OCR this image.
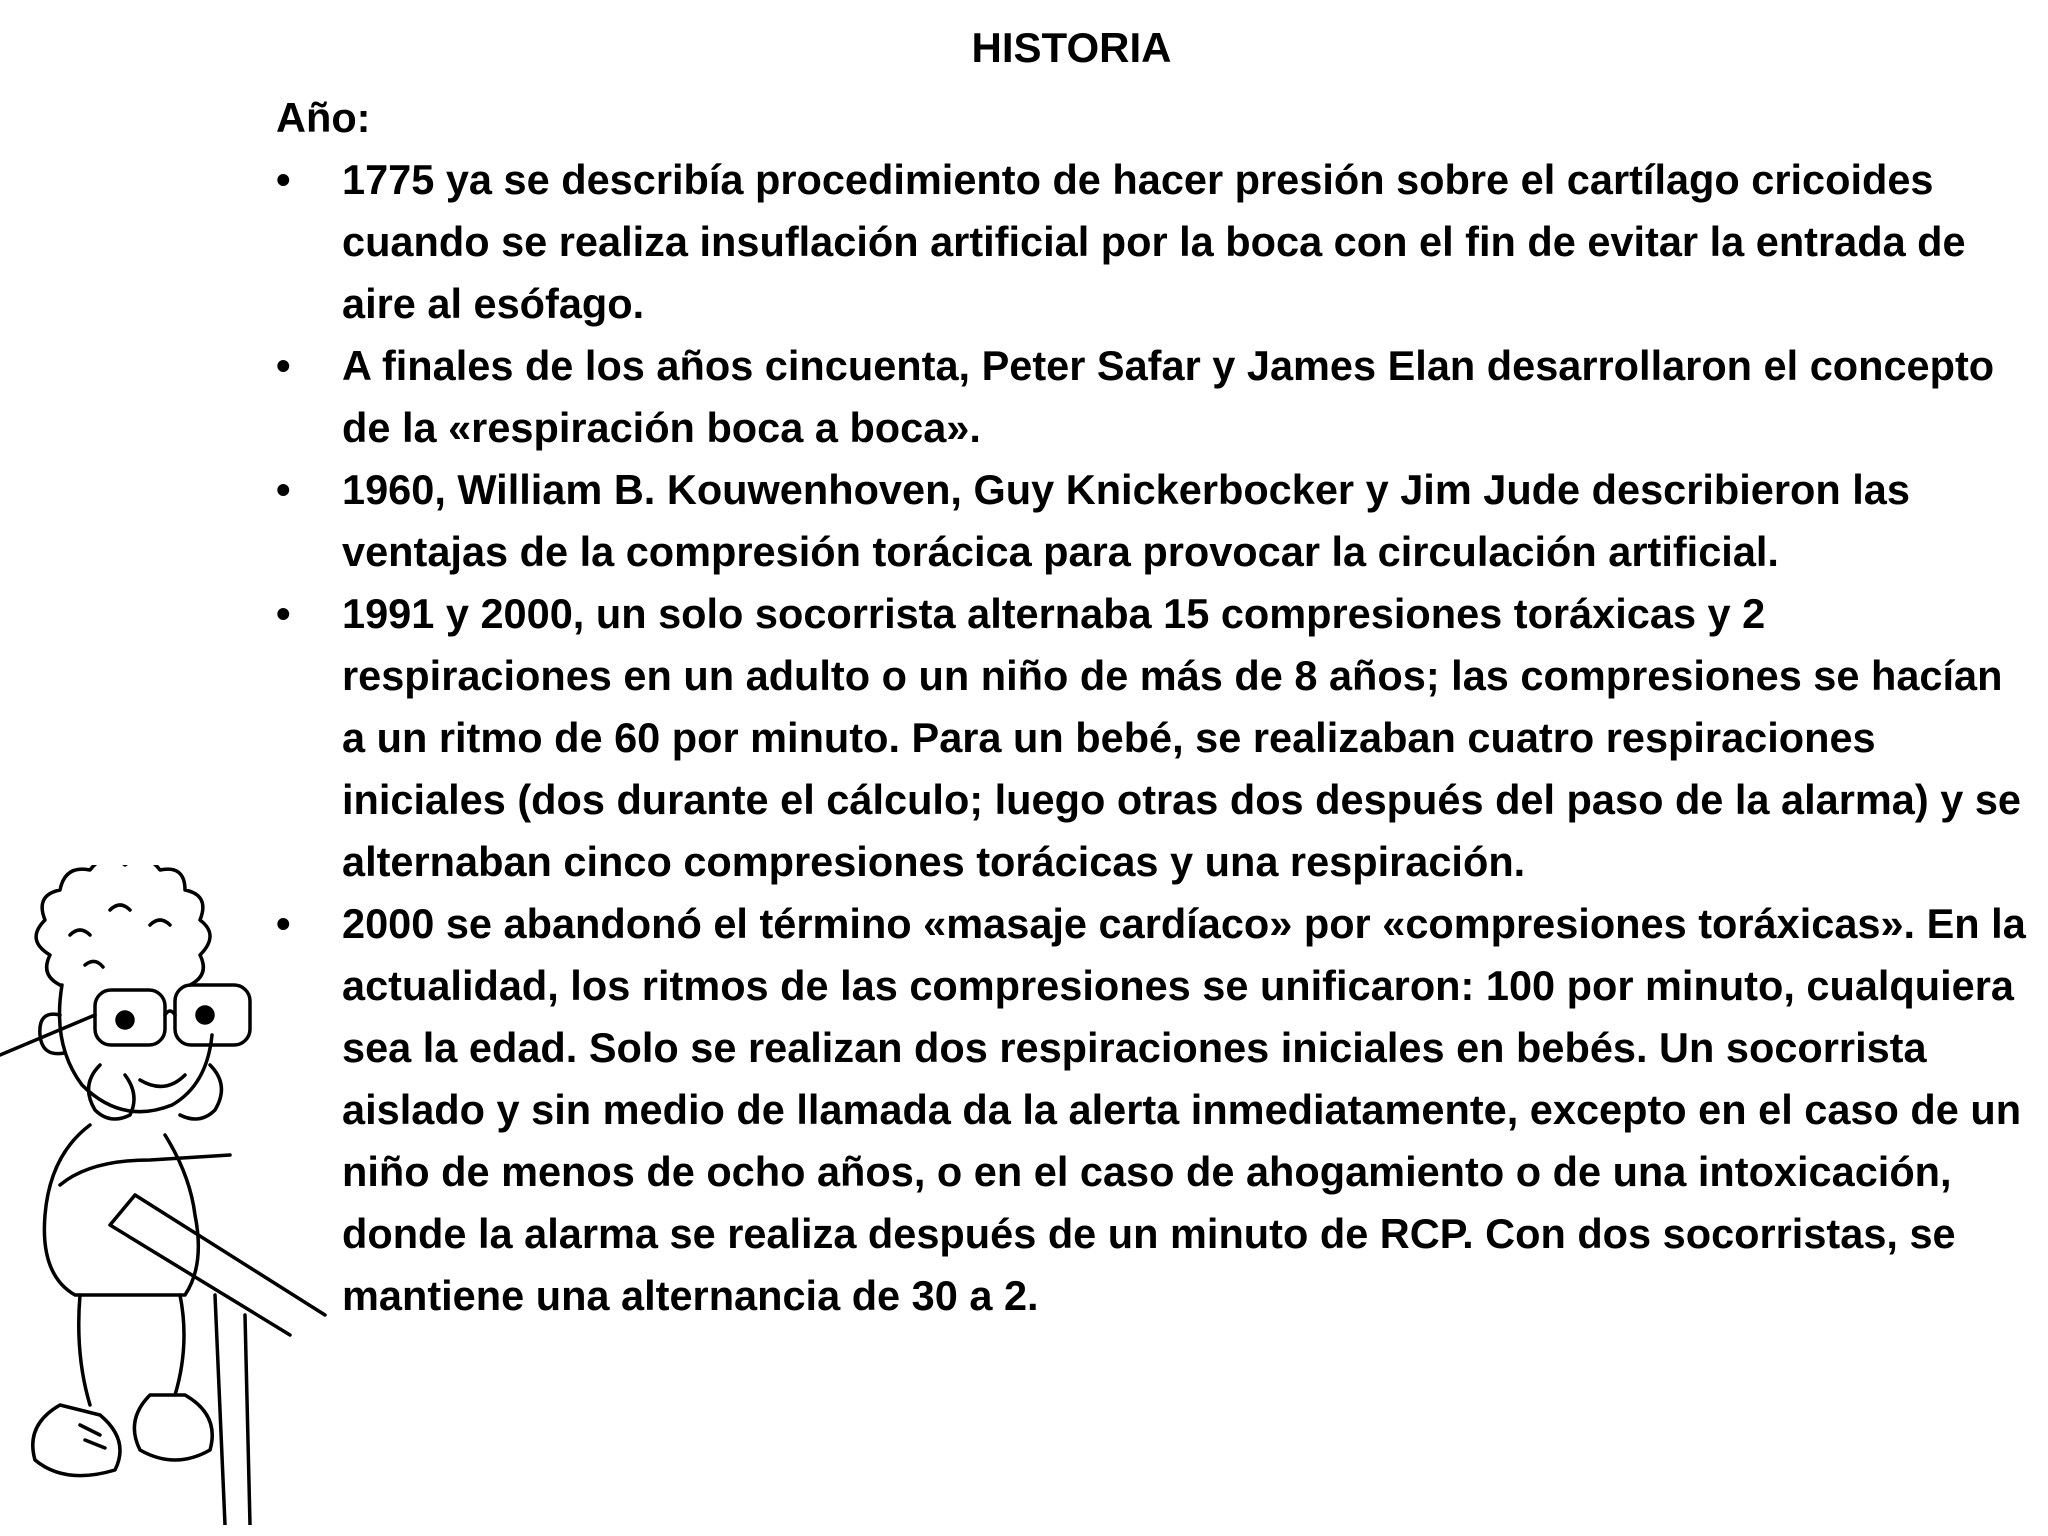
HISTORIA

Año:

•	1775 ya se describía procedimiento de hacer presión sobre el cartílago cricoides cuando se realiza insuflación artificial por la boca con el fin de evitar la entrada de aire al esófago.
•	A finales de los años cincuenta, Peter Safar y James Elan desarrollaron el concepto de la «respiración boca a boca».
•	1960, William B. Kouwenhoven, Guy Knickerbocker y Jim Jude describieron las ventajas de la compresión torácica para provocar la circulación artificial.
•	1991 y 2000, un solo socorrista alternaba 15 compresiones toráxicas y 2 respiraciones en un adulto o un niño de más de 8 años; las compresiones se hacían a un ritmo de 60 por minuto. Para un bebé, se realizaban cuatro respiraciones iniciales (dos durante el cálculo; luego otras dos después del paso de la alarma) y se alternaban cinco compresiones torácicas y una respiración.
•	2000 se abandonó el término «masaje cardíaco» por «compresiones toráxicas». En la actualidad, los ritmos de las compresiones se unificaron: 100 por minuto, cualquiera sea la edad. Solo se realizan dos respiraciones iniciales en bebés. Un socorrista aislado y sin medio de llamada da la alerta inmediatamente, excepto en el caso de un niño de menos de ocho años, o en el caso de ahogamiento o de una intoxicación, donde la alarma se realiza después de un minuto de RCP. Con dos socorristas, se mantiene una alternancia de 30 a 2.
